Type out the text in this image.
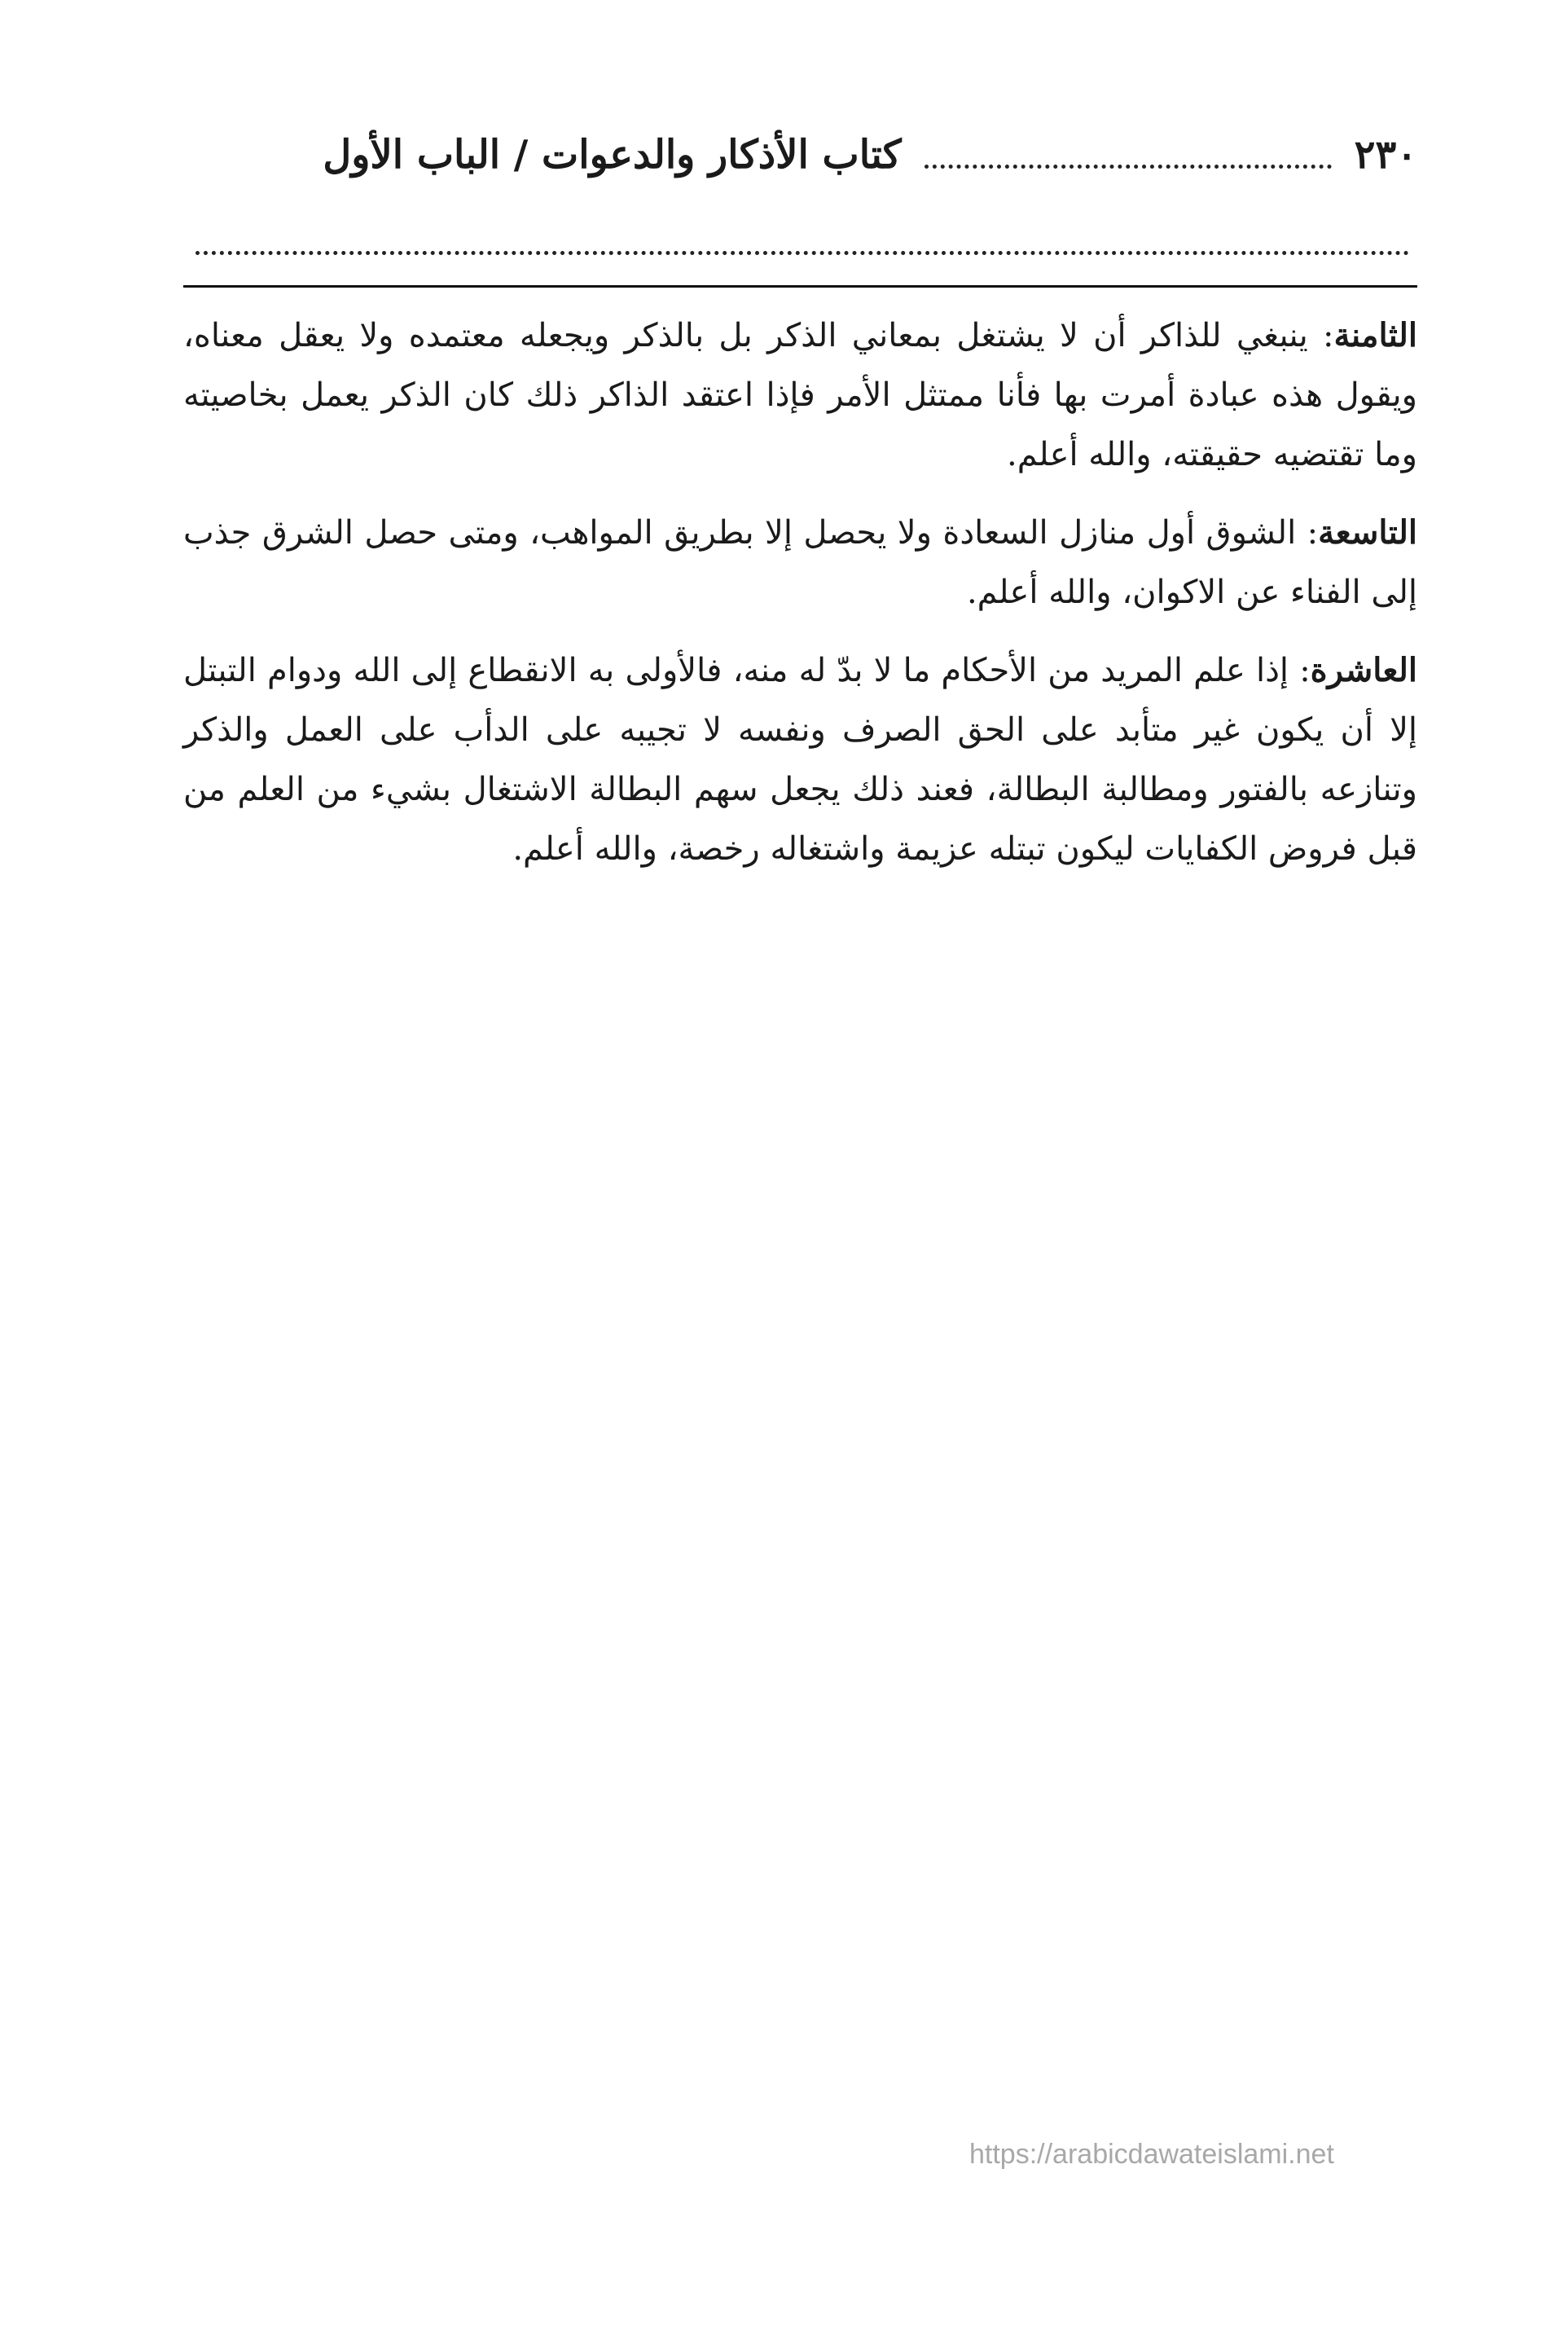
٢٣٠
كتاب الأذكار والدعوات / الباب الأول

الثامنة: ينبغي للذاكر أن لا يشتغل بمعاني الذكر بل بالذكر ويجعله معتمده ولا يعقل معناه، ويقول هذه عبادة أمرت بها فأنا ممتثل الأمر فإذا اعتقد الذاكر ذلك كان الذكر يعمل بخاصيته وما تقتضيه حقيقته، والله أعلم.

التاسعة: الشوق أول منازل السعادة ولا يحصل إلا بطريق المواهب، ومتى حصل الشرق جذب إلى الفناء عن الاكوان، والله أعلم.

العاشرة: إذا علم المريد من الأحكام ما لا بدّ له منه، فالأولى به الانقطاع إلى الله ودوام التبتل إلا أن يكون غير متأبد على الحق الصرف ونفسه لا تجيبه على الدأب على العمل والذكر وتنازعه بالفتور ومطالبة البطالة، فعند ذلك يجعل سهم البطالة الاشتغال بشيء من العلم من قبل فروض الكفايات ليكون تبتله عزيمة واشتغاله رخصة، والله أعلم.

https://arabicdawateislami.net
